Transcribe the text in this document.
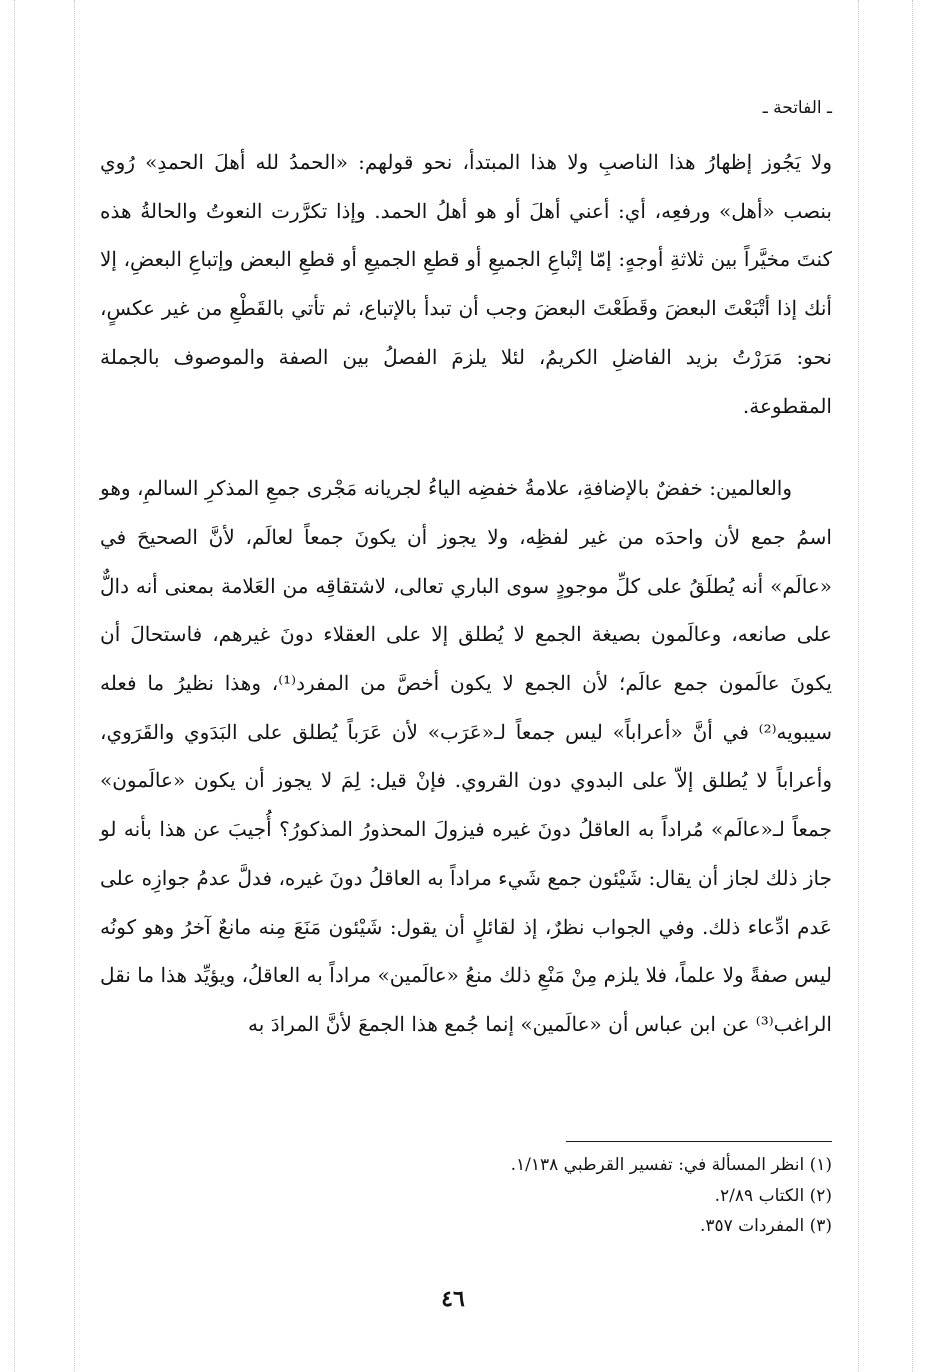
ـ الفاتحة ـ

ولا يَجُوز إظهارُ هذا الناصبِ ولا هذا المبتدأ، نحو قولهم: «الحمدُ لله أهلَ الحمدِ» رُوي بنصب «أهل» ورفعِه، أي: أعني أهلَ أو هو أهلُ الحمد. وإذا تكرَّرت النعوتُ والحالةُ هذه كنتَ مخيَّراً بين ثلاثةِ أوجهٍ: إمّا إتْباعِ الجميعِ أو قطعِ الجميعِ أو قطعِ البعض وإتباعِ البعضِ، إلا أنك إذا أتْبَعْتَ البعضَ وقَطَعْتَ البعضَ وجب أن تبدأ بالإتباع، ثم تأتي بالقَطْعِ من غير عكسٍ، نحو: مَرَرْتُ بزيد الفاضلِ الكريمُ، لئلا يلزمَ الفصلُ بين الصفة والموصوف بالجملة المقطوعة.

والعالمين: خفضٌ بالإضافةِ، علامةُ خفضِه الياءُ لجريانه مَجْرى جمعِ المذكرِ السالمِ، وهو اسمُ جمع لأن واحدَه من غير لفظِه، ولا يجوز أن يكونَ جمعاً لعالَم، لأنَّ الصحيحَ في «عالَم» أنه يُطلَقُ على كلِّ موجودٍ سوى الباري تعالى، لاشتقاقِه من العَلامة بمعنى أنه دالٌّ على صانعه، وعالَمون بصيغة الجمع لا يُطلق إلا على العقلاء دونَ غيرهم، فاستحالَ أن يكونَ عالَمون جمع عالَم؛ لأن الجمع لا يكون أخصَّ من المفرد⁽¹⁾، وهذا نظيرُ ما فعله سيبويه⁽²⁾ في أنَّ «أعراباً» ليس جمعاً لـ«عَرَب» لأن عَرَباً يُطلق على البَدَوي والقَرَوي، وأعراباً لا يُطلق إلاّ على البدوي دون القروي. فإنْ قيل: لِمَ لا يجوز أن يكون «عالَمون» جمعاً لـ«عالَم» مُراداً به العاقلُ دونَ غيره فيزولَ المحذورُ المذكورُ؟ أُجيبَ عن هذا بأنه لو جاز ذلك لجاز أن يقال: شَيْئون جمع شَيء مراداً به العاقلُ دونَ غيره، فدلَّ عدمُ جوازِه على عَدم ادِّعاء ذلك. وفي الجواب نظرٌ، إذ لقائلٍ أن يقول: شَيْئون مَنَعَ مِنه مانعٌ آخرُ وهو كونُه ليس صفةً ولا علماً، فلا يلزم مِنْ مَنْعِ ذلك منعُ «عالَمين» مراداً به العاقلُ، ويؤيِّد هذا ما نقل الراغب⁽³⁾ عن ابن عباس أن «عالَمين» إنما جُمع هذا الجمعَ لأنَّ المرادَ به

(١) انظر المسألة في: تفسير القرطبي ١/١٣٨.
(٢) الكتاب ٢/٨٩.
(٣) المفردات ٣٥٧.
٤٦
